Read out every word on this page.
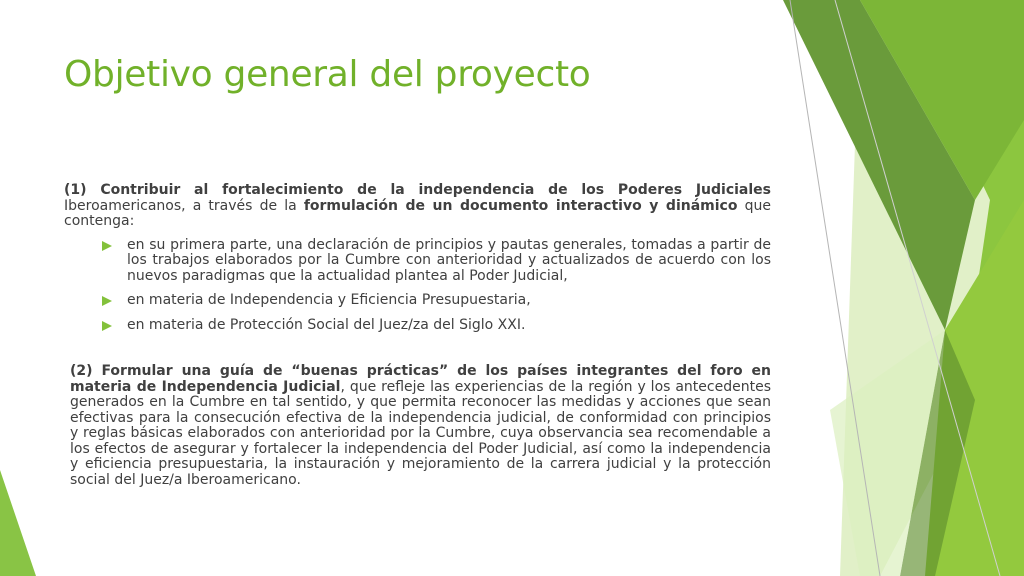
Objetivo general del proyecto

(1) Contribuir al fortalecimiento de la independencia de los Poderes Judiciales Iberoamericanos, a través de la formulación de un documento interactivo y dinámico que contenga:

en su primera parte, una declaración de principios y pautas generales, tomadas a partir de los trabajos elaborados por la Cumbre con anterioridad y actualizados de acuerdo con los nuevos paradigmas que la actualidad plantea al Poder Judicial,
en materia de Independencia y Eficiencia Presupuestaria,
en materia de Protección Social del Juez/za del Siglo XXI.

(2) Formular una guía de “buenas prácticas” de los países integrantes del foro en materia de Independencia Judicial, que refleje las experiencias de la región y los antecedentes generados en la Cumbre en tal sentido, y que permita reconocer las medidas y acciones que sean efectivas para la consecución efectiva de la independencia judicial, de conformidad con principios y reglas básicas elaborados con anterioridad por la Cumbre, cuya observancia sea recomendable a los efectos de asegurar y fortalecer la independencia del Poder Judicial, así como la independencia y eficiencia presupuestaria, la instauración y mejoramiento de la carrera judicial y la protección social del Juez/a Iberoamericano.
